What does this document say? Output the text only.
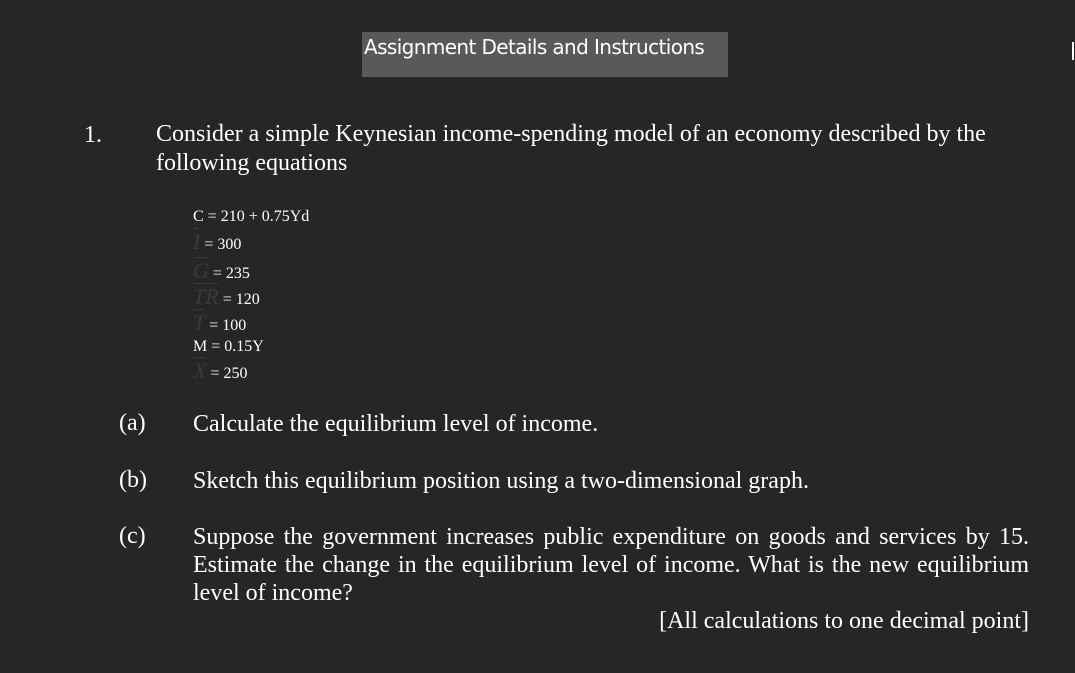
Assignment Details and Instructions
1. Consider a simple Keynesian income-spending model of an economy described by the
following equations
C = 210 + 0.75Yd
I = 300
G = 235
TR = 120
T = 100
M = 0.15Y
X = 250
(a) Calculate the equilibrium level of income.
(b) Sketch this equilibrium position using a two-dimensional graph.
(c) Suppose the government increases public expenditure on goods and services by 15. Estimate the change in the equilibrium level of income. What is the new equilibrium level of income?
[All calculations to one decimal point]
